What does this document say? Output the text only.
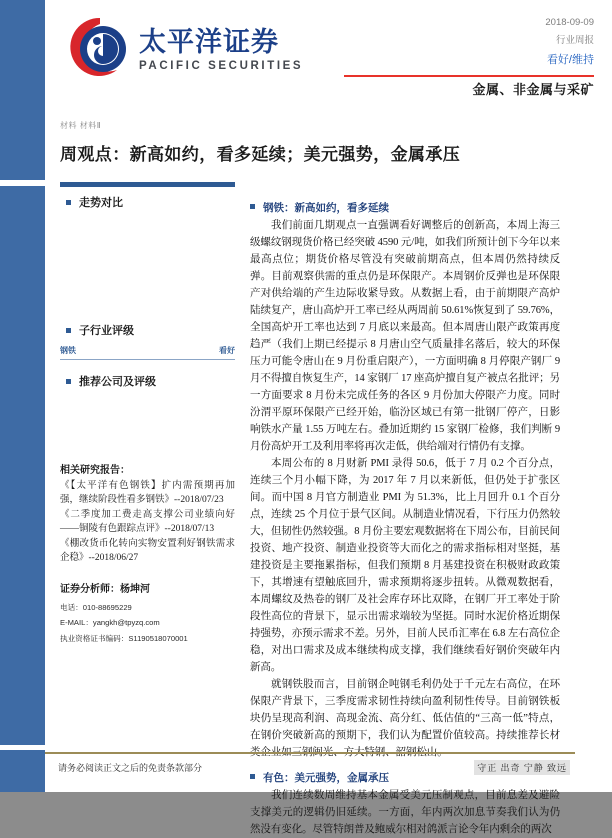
太平洋证券
PACIFIC SECURITIES
2018-09-09
行业周报
看好/维持
金属、非金属与采矿
材料 材料Ⅱ
周观点：新高如约，看多延续；美元强势，金属承压
走势对比
子行业评级
钢铁	看好
推荐公司及评级
相关研究报告：
《【太平洋有色钢铁】扩内需预期再加强，继续阶段性看多钢铁》--2018/07/23
《二季度加工费走高支撑公司业绩向好——铜陵有色跟踪点评》--2018/07/13
《棚改货币化转向实物安置利好钢铁需求企稳》--2018/06/27
证券分析师：杨坤河
电话：010-88695229
E-MAIL：yangkh@tpyzq.com
执业资格证书编码：S1190518070001
钢铁：新高如约，看多延续

我们前面几期观点一直强调看好调整后的创新高，本周上海三级螺纹钢现货价格已经突破 4590 元/吨，如我们所预计创下今年以来最高点位；期货价格尽管没有突破前期高点，但本周仍然持续反弹。目前观察供需的重点仍是环保限产。本周钢价反弹也是环保限产对供给端的产生边际收紧导致。从数据上看，由于前期限产高炉陆续复产，唐山高炉开工率已经从两周前 50.61%恢复到了 59.76%，全国高炉开工率也达到 7 月底以来最高。但本周唐山限产政策再度趋严（我们上期已经提示 8 月唐山空气质量排名落后，较大的环保压力可能令唐山在 9 月份重启限产），一方面明确 8 月停限产钢厂 9 月不得擅自恢复生产，14 家钢厂 17 座高炉擅自复产被点名批评；另一方面要求 8 月份未完成任务的各区 9 月份加大停限产力度。同时汾渭平原环保限产已经开始，临汾区域已有第一批钢厂停产，日影响铁水产量 1.55 万吨左右。叠加近期约 15 家钢厂检修，我们判断 9 月份高炉开工及利用率将再次走低，供给端对行情仍有支撑。

本周公布的 8 月财新 PMI 录得 50.6，低于 7 月 0.2 个百分点，连续三个月小幅下降，为 2017 年 7 月以来新低，但仍处于扩张区间。而中国 8 月官方制造业 PMI 为 51.3%，比上月回升 0.1 个百分点，连续 25 个月位于景气区间。从制造业情况看，下行压力仍然较大，但韧性仍然较强。8 月份主要宏观数据将在下周公布，目前民间投资、地产投资、制造业投资等大而化之的需求指标相对坚挺，基建投资是主要拖累指标，但我们预期 8 月基建投资在积极财政政策下，其增速有望触底回升，需求预期将逐步扭转。从微观数据看，本周螺纹及热卷的钢厂及社会库存环比双降，在钢厂开工率处于阶段性高位的背景下，显示出需求端较为坚挺。同时水泥价格近期保持强势，亦预示需求不差。另外，目前人民币汇率在 6.8 左右高位企稳，对出口需求及成本继续构成支撑，我们继续看好钢价突破年内新高。

就钢铁股而言，目前钢企吨钢毛利仍处于千元左右高位，在环保限产背景下，三季度需求韧性持续向盈利韧性传导。目前钢铁板块仍呈现高利润、高现金流、高分红、低估值的“三高一低”特点，在钢价突破新高的预期下，我们认为配置价值较高。持续推荐长材

有色：美元强势，金属承压

我们连续数周维持基本金属受美元压制观点，目前息差及避险支撑美元的逻辑仍旧延续。一方面，年内两次加息节奏我们认为仍然没有变化。尽管特朗普及鲍威尔相对鸽派言论令年内剩余的两次

请务必阅读正文之后的免责条款部分	守正 出奇 宁静 致远
